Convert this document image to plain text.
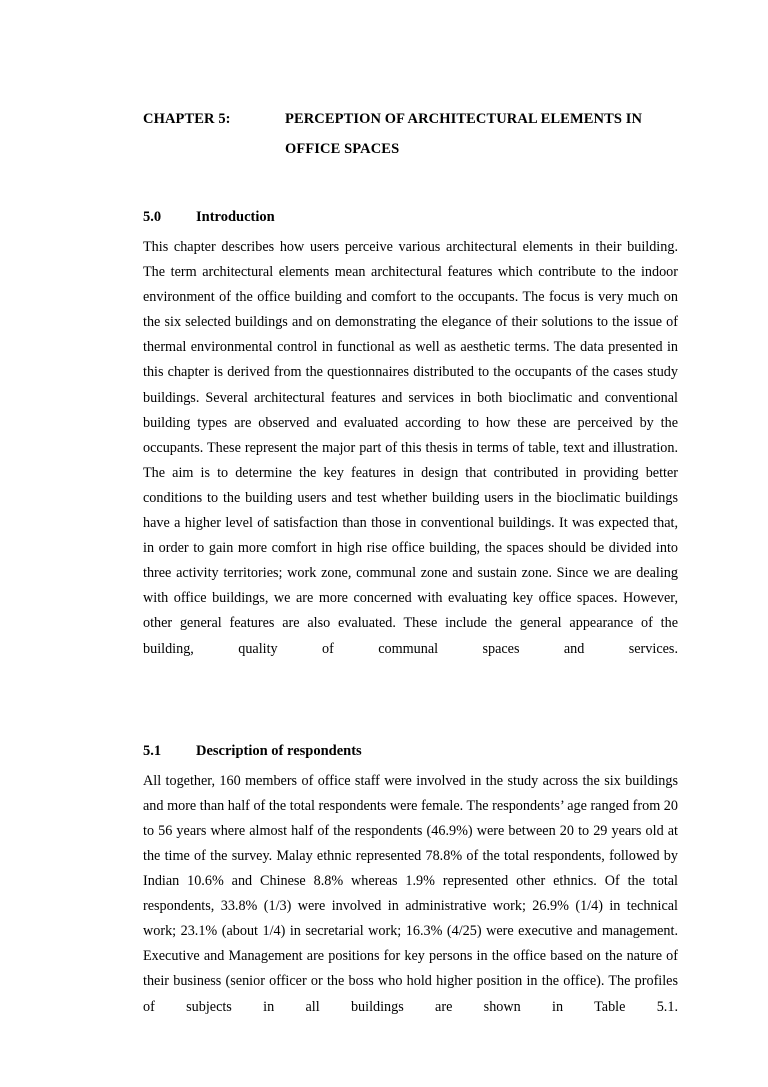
CHAPTER 5:	PERCEPTION OF ARCHITECTURAL ELEMENTS IN
OFFICE SPACES
5.0	Introduction

This chapter describes how users perceive various architectural elements in their building. The term architectural elements mean architectural features which contribute to the indoor environment of the office building and comfort to the occupants. The focus is very much on the six selected buildings and on demonstrating the elegance of their solutions to the issue of thermal environmental control in functional as well as aesthetic terms. The data presented in this chapter is derived from the questionnaires distributed to the occupants of the cases study buildings. Several architectural features and services in both bioclimatic and conventional building types are observed and evaluated according to how these are perceived by the occupants. These represent the major part of this thesis in terms of table, text and illustration. The aim is to determine the key features in design that contributed in providing better conditions to the building users and test whether building users in the bioclimatic buildings have a higher level of satisfaction than those in conventional buildings. It was expected that, in order to gain more comfort in high rise office building, the spaces should be divided into three activity territories; work zone, communal zone and sustain zone. Since we are dealing with office buildings, we are more concerned with evaluating key office spaces. However, other general features are also evaluated. These include the general appearance of the building, quality of communal spaces and services.

5.1	Description of respondents

All together, 160 members of office staff were involved in the study across the six buildings and more than half of the total respondents were female. The respondents’ age ranged from 20 to 56 years where almost half of the respondents (46.9%) were between 20 to 29 years old at the time of the survey. Malay ethnic represented 78.8% of the total respondents, followed by Indian 10.6% and Chinese 8.8% whereas 1.9% represented other ethnics. Of the total respondents, 33.8% (1/3) were involved in administrative work; 26.9% (1/4) in technical work; 23.1% (about 1/4) in secretarial work; 16.3% (4/25) were executive and management. Executive and Management are positions for key persons in the office based on the nature of their business (senior officer or the boss who hold higher position in the office). The profiles of subjects in all buildings are shown in Table 5.1.
